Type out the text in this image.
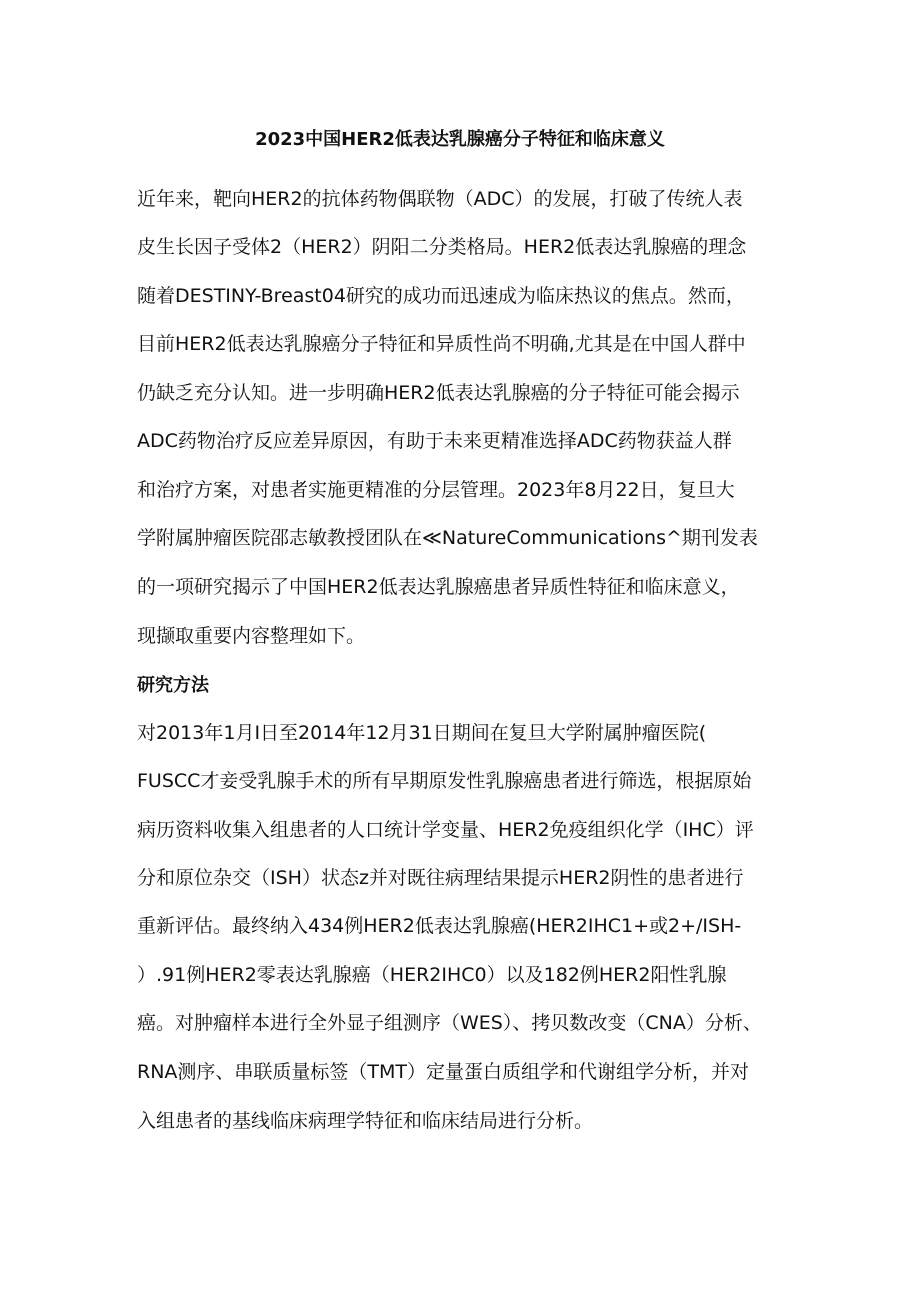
2023中国HER2低表达乳腺癌分子特征和临床意义
近年来，靶向HER2的抗体药物偶联物（ADC）的发展，打破了传统人表
皮生长因子受体2（HER2）阴阳二分类格局。HER2低表达乳腺癌的理念
随着DESTINY-Breast04研究的成功而迅速成为临床热议的焦点。然而，
目前HER2低表达乳腺癌分子特征和异质性尚不明确,尤其是在中国人群中
仍缺乏充分认知。进一步明确HER2低表达乳腺癌的分子特征可能会揭示
ADC药物治疗反应差异原因，有助于未来更精准选择ADC药物获益人群
和治疗方案，对患者实施更精准的分层管理。2023年8月22日，复旦大
学附属肿瘤医院邵志敏教授团队在≪NatureCommunications^期刊发表
的一项研究揭示了中国HER2低表达乳腺癌患者异质性特征和临床意义，
现撷取重要内容整理如下。
研究方法
对2013年1月I日至2014年12月31日期间在复旦大学附属肿瘤医院(
FUSCC才妾受乳腺手术的所有早期原发性乳腺癌患者进行筛选，根据原始
病历资料收集入组患者的人口统计学变量、HER2免疫组织化学（IHC）评
分和原位杂交（ISH）状态z并对既往病理结果提示HER2阴性的患者进行
重新评估。最终纳入434例HER2低表达乳腺癌(HER2IHC1+或2+/ISH-
）.91例HER2零表达乳腺癌（HER2IHC0）以及182例HER2阳性乳腺
癌。对肿瘤样本进行全外显子组测序（WES）、拷贝数改变（CNA）分析、
RNA测序、串联质量标签（TMT）定量蛋白质组学和代谢组学分析，并对
入组患者的基线临床病理学特征和临床结局进行分析。
